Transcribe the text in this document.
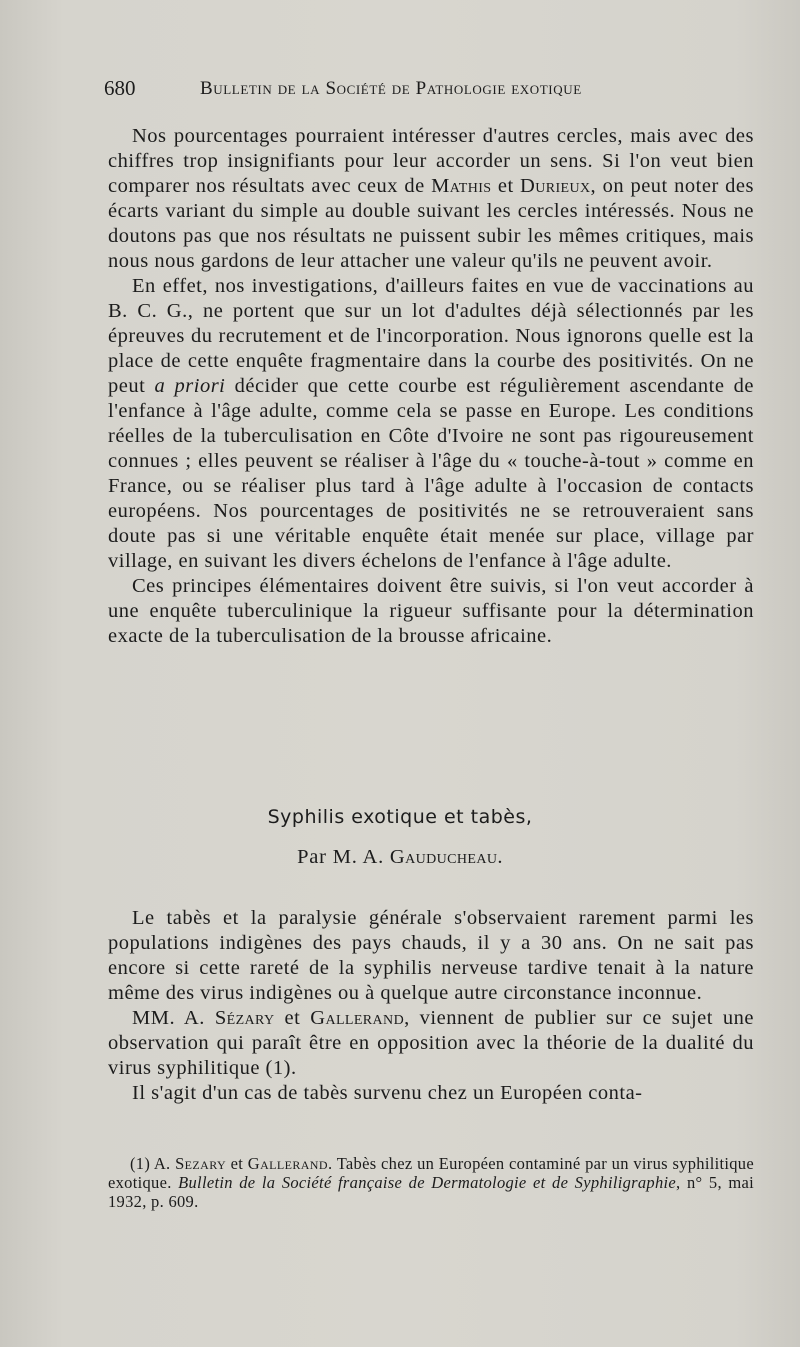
680	Bulletin de la Société de Pathologie exotique

Nos pourcentages pourraient intéresser d'autres cercles, mais avec des chiffres trop insignifiants pour leur accorder un sens. Si l'on veut bien comparer nos résultats avec ceux de Mathis et Durieux, on peut noter des écarts variant du simple au double suivant les cercles intéressés. Nous ne doutons pas que nos résultats ne puissent subir les mêmes critiques, mais nous nous gardons de leur attacher une valeur qu'ils ne peuvent avoir.

En effet, nos investigations, d'ailleurs faites en vue de vaccinations au B. C. G., ne portent que sur un lot d'adultes déjà sélectionnés par les épreuves du recrutement et de l'incorporation. Nous ignorons quelle est la place de cette enquête fragmentaire dans la courbe des positivités. On ne peut a priori décider que cette courbe est régulièrement ascendante de l'enfance à l'âge adulte, comme cela se passe en Europe. Les conditions réelles de la tuberculisation en Côte d'Ivoire ne sont pas rigoureusement connues ; elles peuvent se réaliser à l'âge du « touche-à-tout » comme en France, ou se réaliser plus tard à l'âge adulte à l'occasion de contacts européens. Nos pourcentages de positivités ne se retrouveraient sans doute pas si une véritable enquête était menée sur place, village par village, en suivant les divers échelons de l'enfance à l'âge adulte.

Ces principes élémentaires doivent être suivis, si l'on veut accorder à une enquête tuberculinique la rigueur suffisante pour la détermination exacte de la tuberculisation de la brousse africaine.

Syphilis exotique et tabès,
Par M. A. Gauducheau.

Le tabès et la paralysie générale s'observaient rarement parmi les populations indigènes des pays chauds, il y a 30 ans. On ne sait pas encore si cette rareté de la syphilis nerveuse tardive tenait à la nature même des virus indigènes ou à quelque autre circonstance inconnue.

MM. A. Sézary et Gallerand, viennent de publier sur ce sujet une observation qui paraît être en opposition avec la théorie de la dualité du virus syphilitique (1).

Il s'agit d'un cas de tabès survenu chez un Européen conta-

(1) A. Sezary et Gallerand. Tabès chez un Européen contaminé par un virus syphilitique exotique. Bulletin de la Société française de Dermatologie et de Syphiligraphie, n° 5, mai 1932, p. 609.
